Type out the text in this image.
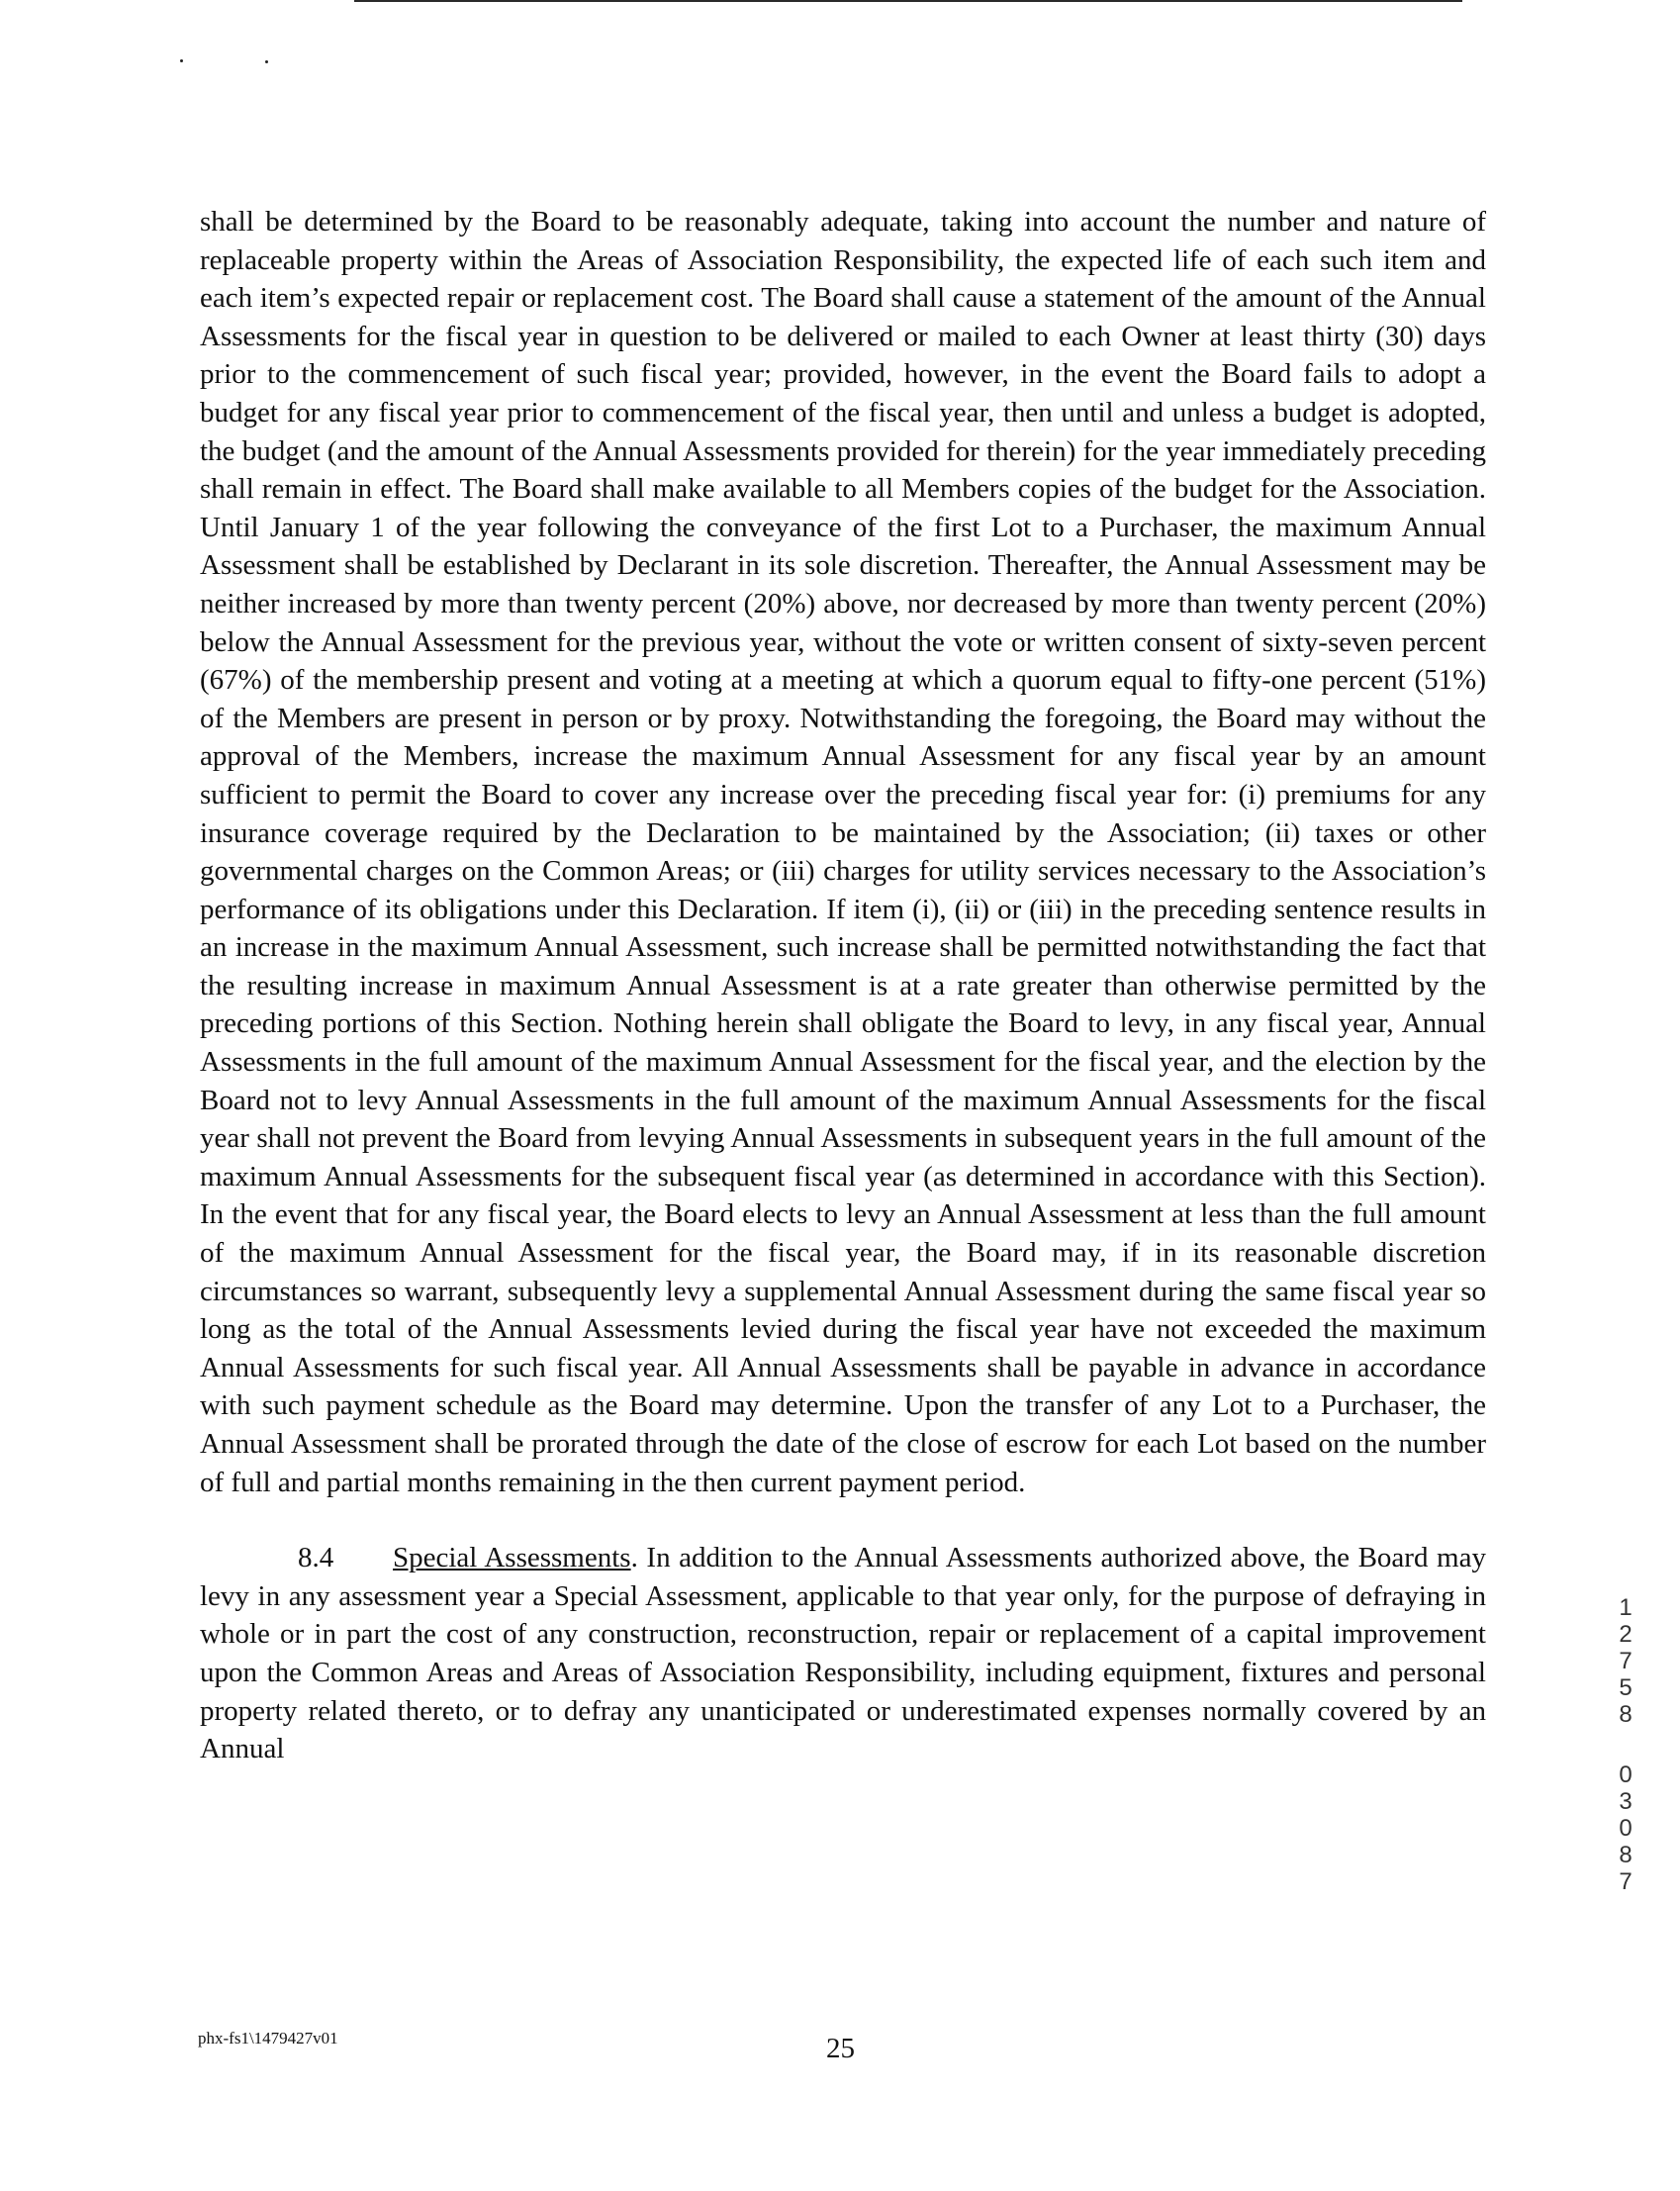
shall be determined by the Board to be reasonably adequate, taking into account the number and nature of replaceable property within the Areas of Association Responsibility, the expected life of each such item and each item’s expected repair or replacement cost. The Board shall cause a statement of the amount of the Annual Assessments for the fiscal year in question to be delivered or mailed to each Owner at least thirty (30) days prior to the commencement of such fiscal year; provided, however, in the event the Board fails to adopt a budget for any fiscal year prior to commencement of the fiscal year, then until and unless a budget is adopted, the budget (and the amount of the Annual Assessments provided for therein) for the year immediately preceding shall remain in effect. The Board shall make available to all Members copies of the budget for the Association. Until January 1 of the year following the conveyance of the first Lot to a Purchaser, the maximum Annual Assessment shall be established by Declarant in its sole discretion. Thereafter, the Annual Assessment may be neither increased by more than twenty percent (20%) above, nor decreased by more than twenty percent (20%) below the Annual Assessment for the previous year, without the vote or written consent of sixty-seven percent (67%) of the membership present and voting at a meeting at which a quorum equal to fifty-one percent (51%) of the Members are present in person or by proxy. Notwithstanding the foregoing, the Board may without the approval of the Members, increase the maximum Annual Assessment for any fiscal year by an amount sufficient to permit the Board to cover any increase over the preceding fiscal year for: (i) premiums for any insurance coverage required by the Declaration to be maintained by the Association; (ii) taxes or other governmental charges on the Common Areas; or (iii) charges for utility services necessary to the Association’s performance of its obligations under this Declaration. If item (i), (ii) or (iii) in the preceding sentence results in an increase in the maximum Annual Assessment, such increase shall be permitted notwithstanding the fact that the resulting increase in maximum Annual Assessment is at a rate greater than otherwise permitted by the preceding portions of this Section. Nothing herein shall obligate the Board to levy, in any fiscal year, Annual Assessments in the full amount of the maximum Annual Assessment for the fiscal year, and the election by the Board not to levy Annual Assessments in the full amount of the maximum Annual Assessments for the fiscal year shall not prevent the Board from levying Annual Assessments in subsequent years in the full amount of the maximum Annual Assessments for the subsequent fiscal year (as determined in accordance with this Section). In the event that for any fiscal year, the Board elects to levy an Annual Assessment at less than the full amount of the maximum Annual Assessment for the fiscal year, the Board may, if in its reasonable discretion circumstances so warrant, subsequently levy a supplemental Annual Assessment during the same fiscal year so long as the total of the Annual Assessments levied during the fiscal year have not exceeded the maximum Annual Assessments for such fiscal year. All Annual Assessments shall be payable in advance in accordance with such payment schedule as the Board may determine. Upon the transfer of any Lot to a Purchaser, the Annual Assessment shall be prorated through the date of the close of escrow for each Lot based on the number of full and partial months remaining in the then current payment period.

8.4 Special Assessments. In addition to the Annual Assessments authorized above, the Board may levy in any assessment year a Special Assessment, applicable to that year only, for the purpose of defraying in whole or in part the cost of any construction, reconstruction, repair or replacement of a capital improvement upon the Common Areas and Areas of Association Responsibility, including equipment, fixtures and personal property related thereto, or to defray any unanticipated or underestimated expenses normally covered by an Annual

phx-fs1\1479427v01	25
1
2
7
5
8
0
3
0
8
7
